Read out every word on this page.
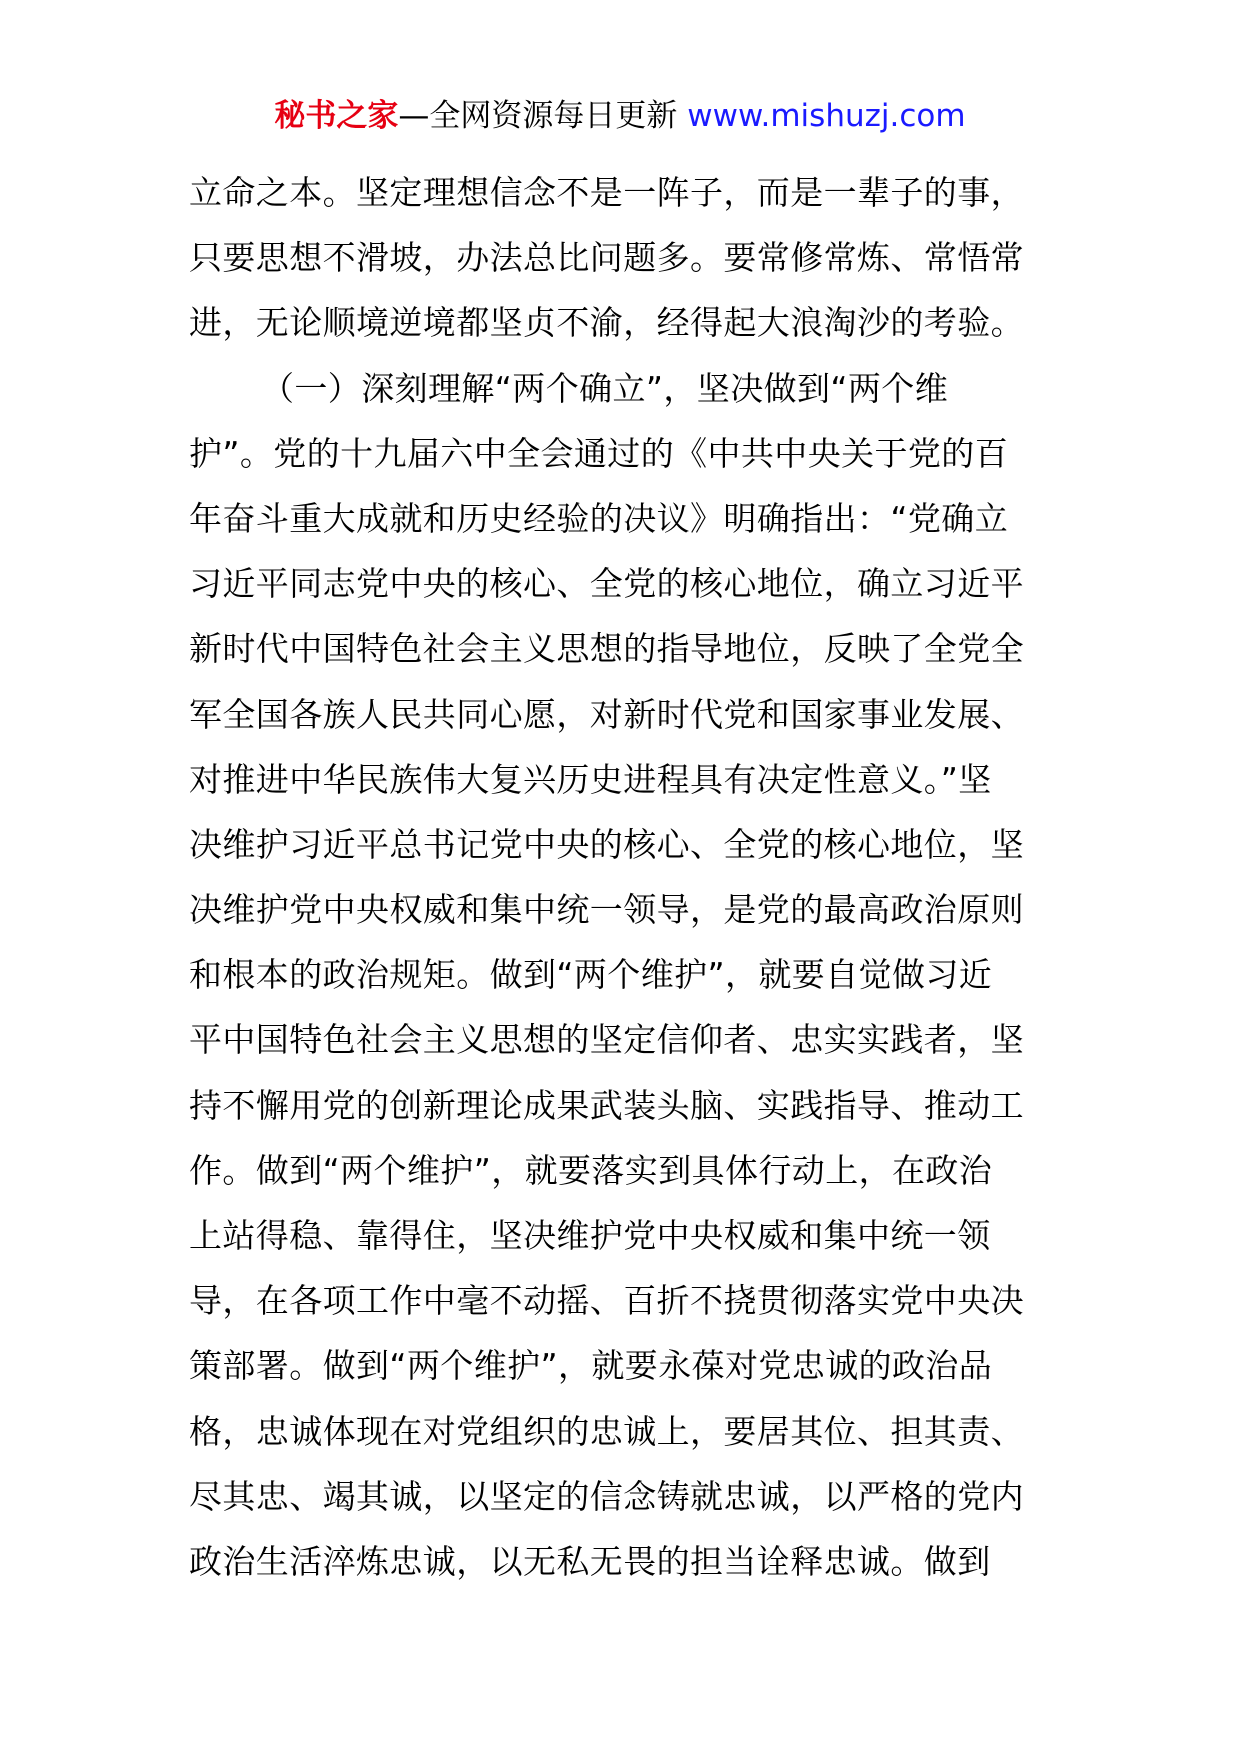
秘书之家—全网资源每日更新 www.mishuzj.com
立命之本。坚定理想信念不是一阵子，而是一辈子的事，
只要思想不滑坡，办法总比问题多。要常修常炼、常悟常
进，无论顺境逆境都坚贞不渝，经得起大浪淘沙的考验。
（一）深刻理解“两个确立”，坚决做到“两个维
护”。党的十九届六中全会通过的《中共中央关于党的百
年奋斗重大成就和历史经验的决议》明确指出：“党确立
习近平同志党中央的核心、全党的核心地位，确立习近平
新时代中国特色社会主义思想的指导地位，反映了全党全
军全国各族人民共同心愿，对新时代党和国家事业发展、
对推进中华民族伟大复兴历史进程具有决定性意义。”坚
决维护习近平总书记党中央的核心、全党的核心地位，坚
决维护党中央权威和集中统一领导，是党的最高政治原则
和根本的政治规矩。做到“两个维护”，就要自觉做习近
平中国特色社会主义思想的坚定信仰者、忠实实践者，坚
持不懈用党的创新理论成果武装头脑、实践指导、推动工
作。做到“两个维护”，就要落实到具体行动上，在政治
上站得稳、靠得住，坚决维护党中央权威和集中统一领
导，在各项工作中毫不动摇、百折不挠贯彻落实党中央决
策部署。做到“两个维护”，就要永葆对党忠诚的政治品
格，忠诚体现在对党组织的忠诚上，要居其位、担其责、
尽其忠、竭其诚，以坚定的信念铸就忠诚，以严格的党内
政治生活淬炼忠诚，以无私无畏的担当诠释忠诚。做到
